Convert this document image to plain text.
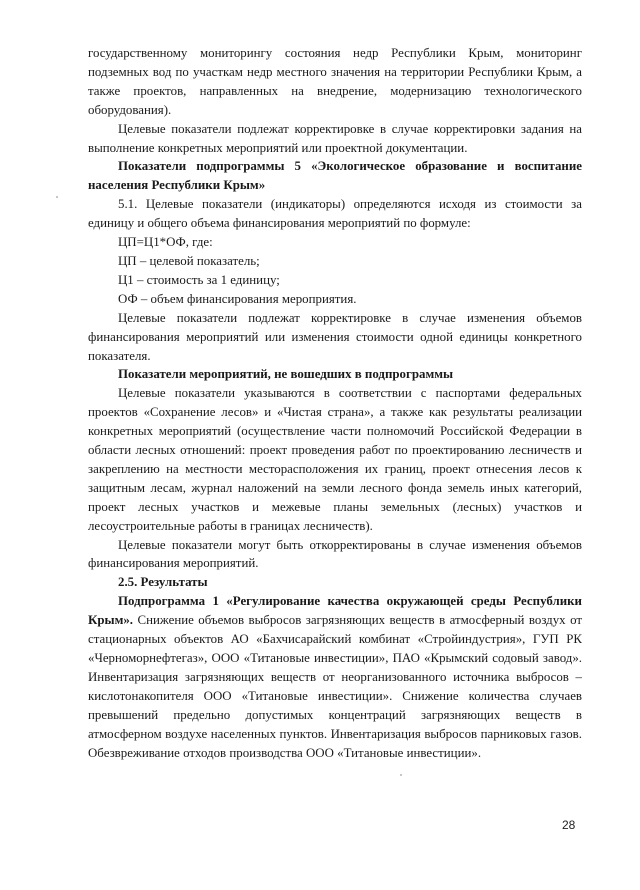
государственному мониторингу состояния недр Республики Крым, мониторинг подземных вод по участкам недр местного значения на территории Республики Крым, а также проектов, направленных на внедрение, модернизацию технологического оборудования).

Целевые показатели подлежат корректировке в случае корректировки задания на выполнение конкретных мероприятий или проектной документации.

Показатели подпрограммы 5 «Экологическое образование и воспитание населения Республики Крым»

5.1. Целевые показатели (индикаторы) определяются исходя из стоимости за единицу и общего объема финансирования мероприятий по формуле:

ЦП=Ц1*ОФ, где:

ЦП – целевой показатель;

Ц1 – стоимость за 1 единицу;

ОФ – объем финансирования мероприятия.

Целевые показатели подлежат корректировке в случае изменения объемов финансирования мероприятий или изменения стоимости одной единицы конкретного показателя.

Показатели мероприятий, не вошедших в подпрограммы

Целевые показатели указываются в соответствии с паспортами федеральных проектов «Сохранение лесов» и «Чистая страна», а также как результаты реализации конкретных мероприятий (осуществление части полномочий Российской Федерации в области лесных отношений: проект проведения работ по проектированию лесничеств и закреплению на местности месторасположения их границ, проект отнесения лесов к защитным лесам, журнал наложений на земли лесного фонда земель иных категорий, проект лесных участков и межевые планы земельных (лесных) участков и лесоустроительные работы в границах лесничеств).

Целевые показатели могут быть откорректированы в случае изменения объемов финансирования мероприятий.

2.5. Результаты

Подпрограмма 1 «Регулирование качества окружающей среды Республики Крым». Снижение объемов выбросов загрязняющих веществ в атмосферный воздух от стационарных объектов АО «Бахчисарайский комбинат «Стройиндустрия», ГУП РК «Черноморнефтегаз», ООО «Титановые инвестиции», ПАО «Крымский содовый завод». Инвентаризация загрязняющих веществ от неорганизованного источника выбросов – кислотонакопителя ООО «Титановые инвестиции». Снижение количества случаев превышений предельно допустимых концентраций загрязняющих веществ в атмосферном воздухе населенных пунктов. Инвентаризация выбросов парниковых газов. Обезвреживание отходов производства ООО «Титановые инвестиции».

28
